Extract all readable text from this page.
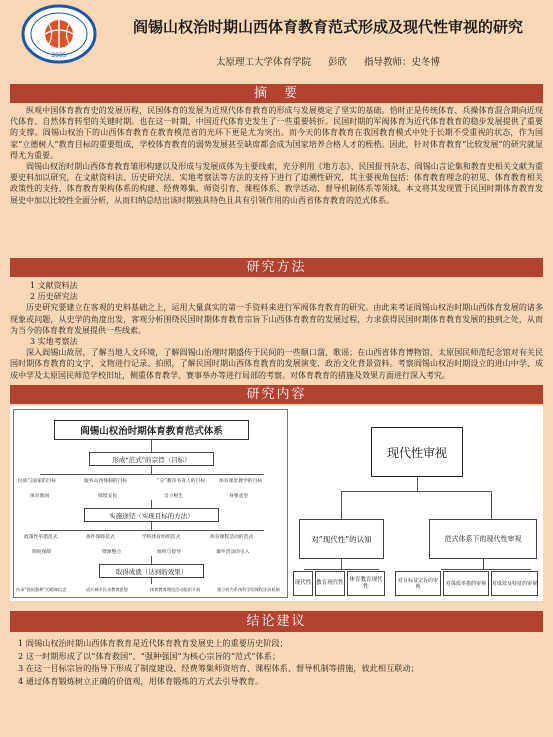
2005
阎锡山权治时期山西体育教育范式形成及现代性审视的研究
太原理工大学体育学院 彭欣 指导教师：史冬博
摘　要

纵观中国体育教育史的发展历程，民国体育的发展为近现代体育教育的形成与发展奠定了坚实的基础。恰时正是传统体育、兵操体育混合期向近现代体育、自然体育转型的关键时期。也在这一时期，中国近代体育史发生了一些重要转折。民国时期的军阀体育为近代体育教育的稳步发展提供了重要的支撑。阎锡山权治下的山西体育教育在教育模范省的光环下更是尤为突出。而今天的体育教育在我国教育模式中处于长期不受重视的状态，作为国家“立德树人”教育目标的重要组成，学校体育教育的弱势发展甚至缺席都会成为国家培养合格人才的桎梏。因此，针对体育教育“比较发展”的研究就显得尤为重要。

阎锡山权治时期山西体育教育雏形构建以及形成与发展成体为主要线索，充分利用《地方志》、民国报刊杂志、阎锡山言论集和教育史相关文献为重要史料加以研究，在文献资料法、历史研究法、实地考察法等方法的支持下进行了追溯性研究，其主要视角包括：体育教育理念的初见、体育教育相关政策性的支持、体育教育架构体系的构建、经费筹集、师资引育、课程体系、教学活动、督导机制体系等领域。本文将其发现置于民国时期体育教育发展史中加以比较性全面分析，从而归纳总结出该时期独具特色且具有引领作用的山西省体育教育的范式体系。

研究方法

1 文献资料法

2 历史研究法

历史研究要建立在客观的史料基础之上，运用大量真实的第一手资料来进行军阀体育教育的研究。由此来考证阎锡山权治时期山西体育发展的诸多现象或问题，从史学的角度出发，客观分析围绕民国时期体育教育宗旨下山西体育教育的发展过程，力求获得民国时期体育教育发展的独到之处，从而为当今的体育教育发展提供一些线索。

3 实地考察法

深入阎锡山故居，了解当地人文环境，了解阎锡山治理时期盛传于民间的一些顺口溜、歌谣；在山西省体育博物馆、太原国民师范纪念馆对有关民国时期体育教育的文字、文物进行记录、拍照，了解民国时期山西体育教育的发展演变、政治文化背景资料。考察阎锡山权治时期设立的进山中学、成成中学及太原国民师范学校旧址，侧重体育教学、赛事举办等进行局部的考察。对体育教育的措施及效果方面进行深入考究。

研究内容
阎锡山权治时期体育教育范式体系
形成“范式”的宗旨（目标）
民族与国家的目标	服务山西体制的目标	“分”教育书育人的目标	体育课堂教学的目标
体育救国	保境安民	自立根生	身强意坚
实施途径（实现目标的方法）
政策性举措范式	条件保障范式	学校体育组织范式	体育课程活动的范式
制度保障	资源整合	组织与督导	课外活动的引入
取得成就（达到的效果）
传承“强国强种”的精神信念	适应城乡民众教育思想	体育教育理论活动组织开展	建立较为系统科学的课程评价机制
现代性审视
对“现代性”的认知	范式体系下的现代性审视
现代性 教育现代性
体育教育现代性
对目标及宗旨的审视	对体质举措的审视	对成效及特征的审视
结论建议
1 阎锡山权治时期山西体育教育是近代体育教育发展史上的重要历史阶段；
2 这一时期形成了以“体育救国”、“强种强国”为核心宗旨的“范式”体系；
3 在这一目标宗旨的指导下形成了制度建设、经费筹集师资培育、课程体系、督导机制等措施，彼此相互联动；
4 通过体育锻炼树立正确的价值观，用体育锻炼的方式去引导教育。
